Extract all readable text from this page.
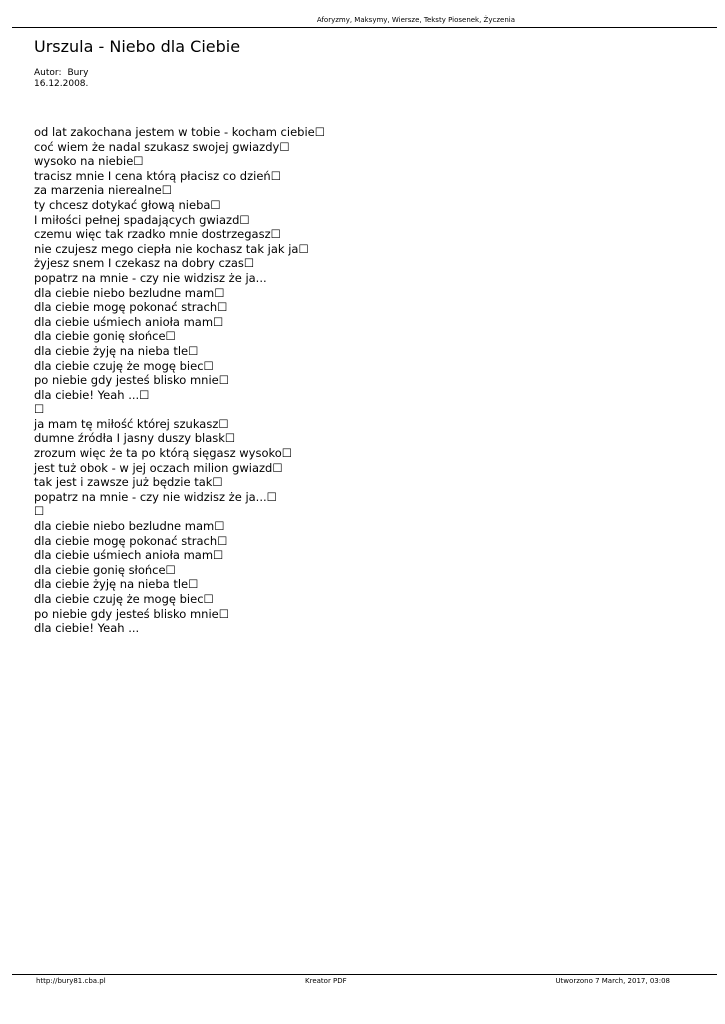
Aforyzmy, Maksymy, Wiersze, Teksty Piosenek, Życzenia
Urszula - Niebo dla Ciebie
Autor: Bury
16.12.2008.
od lat zakochana jestem w tobie - kocham ciebie☐
coć wiem że nadal szukasz swojej gwiazdy☐
wysoko na niebie☐
tracisz mnie I cena którą płacisz co dzień☐
za marzenia nierealne☐
ty chcesz dotykać głową nieba☐
I miłości pełnej spadających gwiazd☐
czemu więc tak rzadko mnie dostrzegasz☐
nie czujesz mego ciepła nie kochasz tak jak ja☐
żyjesz snem I czekasz na dobry czas☐
popatrz na mnie - czy nie widzisz że ja...
dla ciebie niebo bezludne mam☐
dla ciebie mogę pokonać strach☐
dla ciebie uśmiech anioła mam☐
dla ciebie gonię słońce☐
dla ciebie żyję na nieba tle☐
dla ciebie czuję że mogę biec☐
po niebie gdy jesteś blisko mnie☐
dla ciebie! Yeah ...☐
☐
ja mam tę miłość której szukasz☐
dumne źródła I jasny duszy blask☐
zrozum więc że ta po którą sięgasz wysoko☐
jest tuż obok - w jej oczach milion gwiazd☐
tak jest i zawsze już będzie tak☐
popatrz na mnie - czy nie widzisz że ja...☐
☐
dla ciebie niebo bezludne mam☐
dla ciebie mogę pokonać strach☐
dla ciebie uśmiech anioła mam☐
dla ciebie gonię słońce☐
dla ciebie żyję na nieba tle☐
dla ciebie czuję że mogę biec☐
po niebie gdy jesteś blisko mnie☐
dla ciebie! Yeah ...
http://bury81.cba.pl	Kreator PDF	Utworzono 7 March, 2017, 03:08
